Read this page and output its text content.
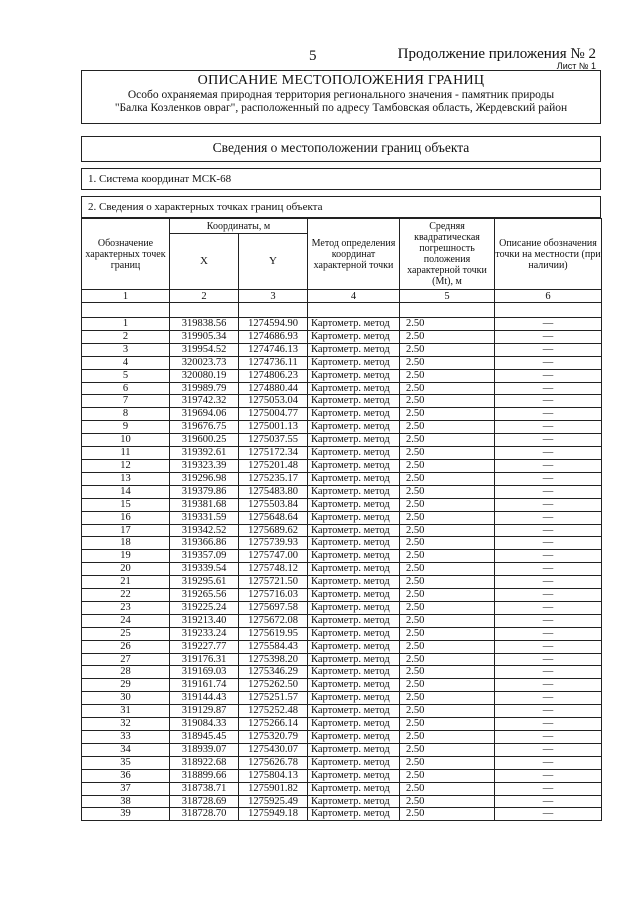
5	Продолжение приложения № 2
Лист № 1
ОПИСАНИЕ МЕСТОПОЛОЖЕНИЯ ГРАНИЦ
Особо охраняемая природная территория регионального значения - памятник природы
"Балка Козленков овраг", расположенный по адресу Тамбовская область, Жердевский район
Сведения о местоположении границ объекта
1. Система координат МСК-68
2. Сведения о характерных точках границ объекта
Обозначение характерных точек границ	Координаты, м		Метод определения координат характерной точки	Средняя квадратическая погрешность положения характерной точки (Mt), м	Описание обозначения точки на местности (при наличии)
	X	Y			
1	2	3	4	5	6

1	319838.56	1274594.90	Картометр. метод	2.50	—
2	319905.34	1274686.93	Картометр. метод	2.50	—
3	319954.52	1274746.13	Картометр. метод	2.50	—
4	320023.73	1274736.11	Картометр. метод	2.50	—
5	320080.19	1274806.23	Картометр. метод	2.50	—
6	319989.79	1274880.44	Картометр. метод	2.50	—
7	319742.32	1275053.04	Картометр. метод	2.50	—
8	319694.06	1275004.77	Картометр. метод	2.50	—
9	319676.75	1275001.13	Картометр. метод	2.50	—
10	319600.25	1275037.55	Картометр. метод	2.50	—
11	319392.61	1275172.34	Картометр. метод	2.50	—
12	319323.39	1275201.48	Картометр. метод	2.50	—
13	319296.98	1275235.17	Картометр. метод	2.50	—
14	319379.86	1275483.80	Картометр. метод	2.50	—
15	319381.68	1275503.84	Картометр. метод	2.50	—
16	319331.59	1275648.64	Картометр. метод	2.50	—
17	319342.52	1275689.62	Картометр. метод	2.50	—
18	319366.86	1275739.93	Картометр. метод	2.50	—
19	319357.09	1275747.00	Картометр. метод	2.50	—
20	319339.54	1275748.12	Картометр. метод	2.50	—
21	319295.61	1275721.50	Картометр. метод	2.50	—
22	319265.56	1275716.03	Картометр. метод	2.50	—
23	319225.24	1275697.58	Картометр. метод	2.50	—
24	319213.40	1275672.08	Картометр. метод	2.50	—
25	319233.24	1275619.95	Картометр. метод	2.50	—
26	319227.77	1275584.43	Картометр. метод	2.50	—
27	319176.31	1275398.20	Картометр. метод	2.50	—
28	319169.03	1275346.29	Картометр. метод	2.50	—
29	319161.74	1275262.50	Картометр. метод	2.50	—
30	319144.43	1275251.57	Картометр. метод	2.50	—
31	319129.87	1275252.48	Картометр. метод	2.50	—
32	319084.33	1275266.14	Картометр. метод	2.50	—
33	318945.45	1275320.79	Картометр. метод	2.50	—
34	318939.07	1275430.07	Картометр. метод	2.50	—
35	318922.68	1275626.78	Картометр. метод	2.50	—
36	318899.66	1275804.13	Картометр. метод	2.50	—
37	318738.71	1275901.82	Картометр. метод	2.50	—
38	318728.69	1275925.49	Картометр. метод	2.50	—
39	318728.70	1275949.18	Картометр. метод	2.50	—
